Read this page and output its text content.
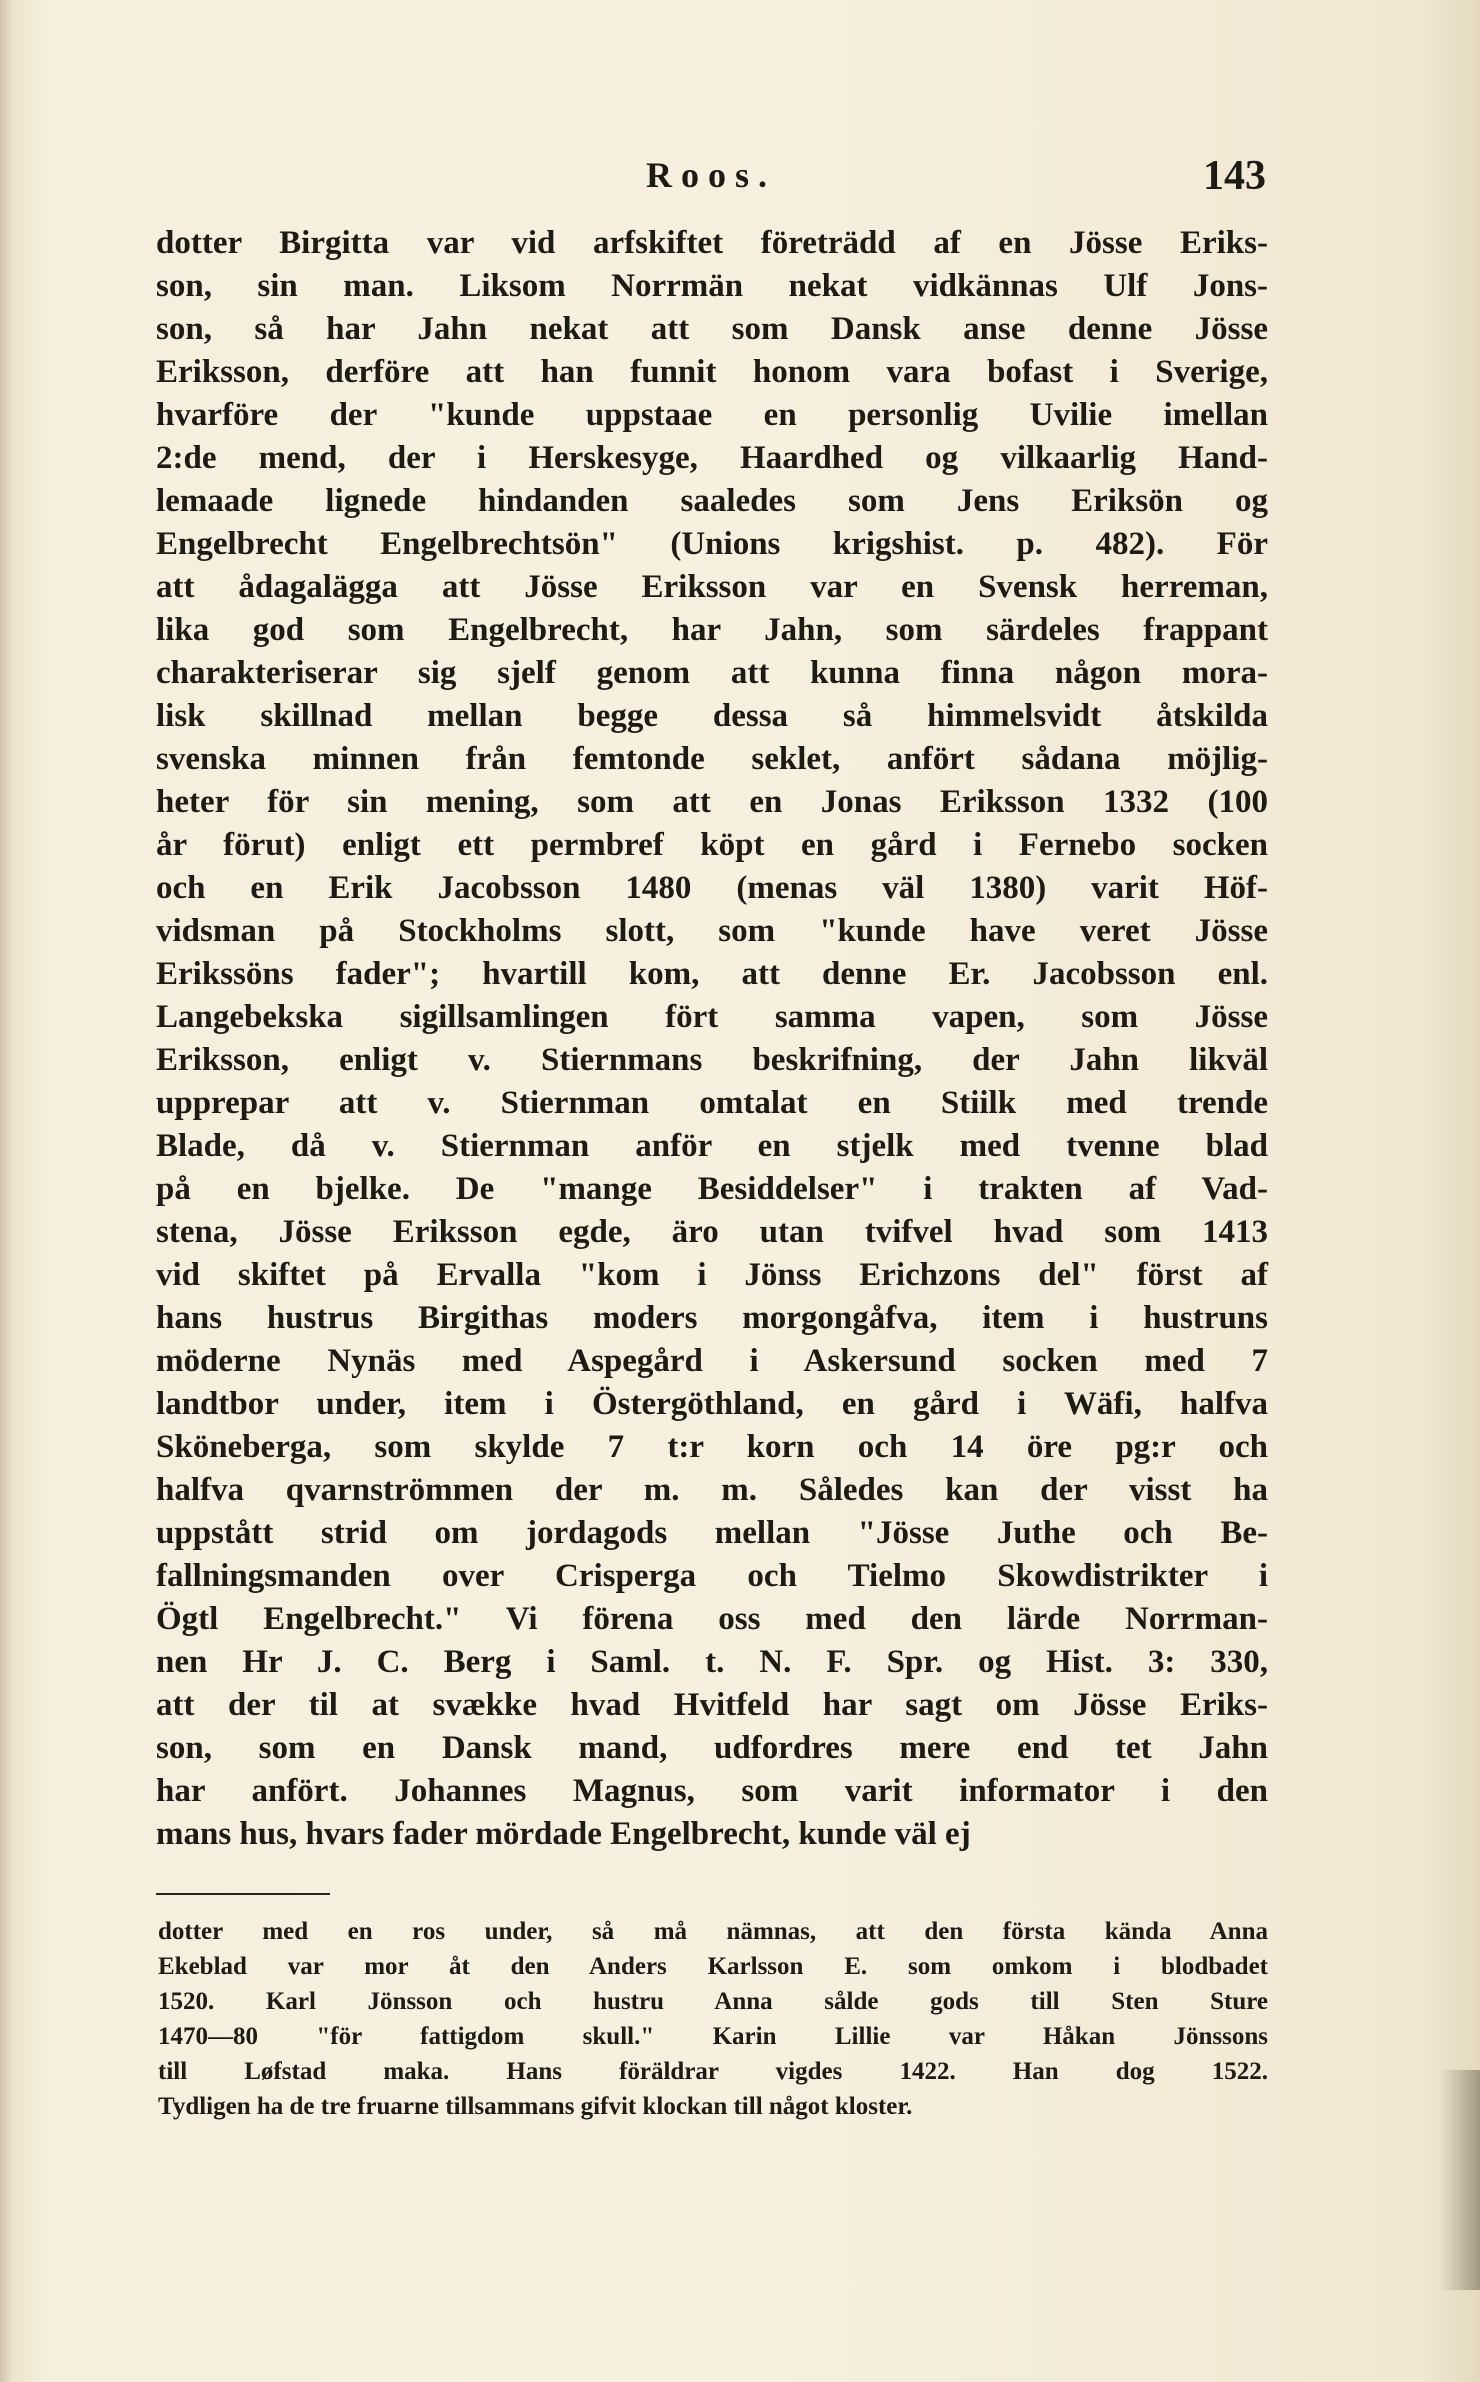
Roos.	143
dotter Birgitta var vid arfskiftet företrädd af en Jösse Eriks-
son, sin man. Liksom Norrmän nekat vidkännas Ulf Jons-
son, så har Jahn nekat att som Dansk anse denne Jösse
Eriksson, derföre att han funnit honom vara bofast i Sverige,
hvarföre der "kunde uppstaae en personlig Uvilie imellan
2:de mend, der i Herskesyge, Haardhed og vilkaarlig Hand-
lemaade lignede hindanden saaledes som Jens Eriksön og
Engelbrecht Engelbrechtsön" (Unions krigshist. p. 482). För
att ådagalägga att Jösse Eriksson var en Svensk herreman,
lika god som Engelbrecht, har Jahn, som särdeles frappant
charakteriserar sig sjelf genom att kunna finna någon mora-
lisk skillnad mellan begge dessa så himmelsvidt åtskilda
svenska minnen från femtonde seklet, anfört sådana möjlig-
heter för sin mening, som att en Jonas Eriksson 1332 (100
år förut) enligt ett permbref köpt en gård i Fernebo socken
och en Erik Jacobsson 1480 (menas väl 1380) varit Höf-
vidsman på Stockholms slott, som "kunde have veret Jösse
Erikssöns fader"; hvartill kom, att denne Er. Jacobsson enl.
Langebekska sigillsamlingen fört samma vapen, som Jösse
Eriksson, enligt v. Stiernmans beskrifning, der Jahn likväl
upprepar att v. Stiernman omtalat en Stiilk med trende
Blade, då v. Stiernman anför en stjelk med tvenne blad
på en bjelke. De "mange Besiddelser" i trakten af Vad-
stena, Jösse Eriksson egde, äro utan tvifvel hvad som 1413
vid skiftet på Ervalla "kom i Jönss Erichzons del" först af
hans hustrus Birgithas moders morgongåfva, item i hustruns
möderne Nynäs med Aspegård i Askersund socken med 7
landtbor under, item i Östergöthland, en gård i Wäfi, halfva
Sköneberga, som skylde 7 t:r korn och 14 öre pg:r och
halfva qvarnströmmen der m. m. Således kan der visst ha
uppstått strid om jordagods mellan "Jösse Juthe och Be-
fallningsmanden over Crisperga och Tielmo Skowdistrikter i
Ögtl Engelbrecht." Vi förena oss med den lärde Norrman-
nen Hr J. C. Berg i Saml. t. N. F. Spr. og Hist. 3: 330,
att der til at svække hvad Hvitfeld har sagt om Jösse Eriks-
son, som en Dansk mand, udfordres mere end tet Jahn
har anfört. Johannes Magnus, som varit informator i den
mans hus, hvars fader mördade Engelbrecht, kunde väl ej
dotter med en ros under, så må nämnas, att den första kända Anna
Ekeblad var mor åt den Anders Karlsson E. som omkom i blodbadet
1520. Karl Jönsson och hustru Anna sålde gods till Sten Sture
1470—80 "för fattigdom skull." Karin Lillie var Håkan Jönssons
till Løfstad maka. Hans föräldrar vigdes 1422. Han dog 1522.
Tydligen ha de tre fruarne tillsammans gifvit klockan till något kloster.
